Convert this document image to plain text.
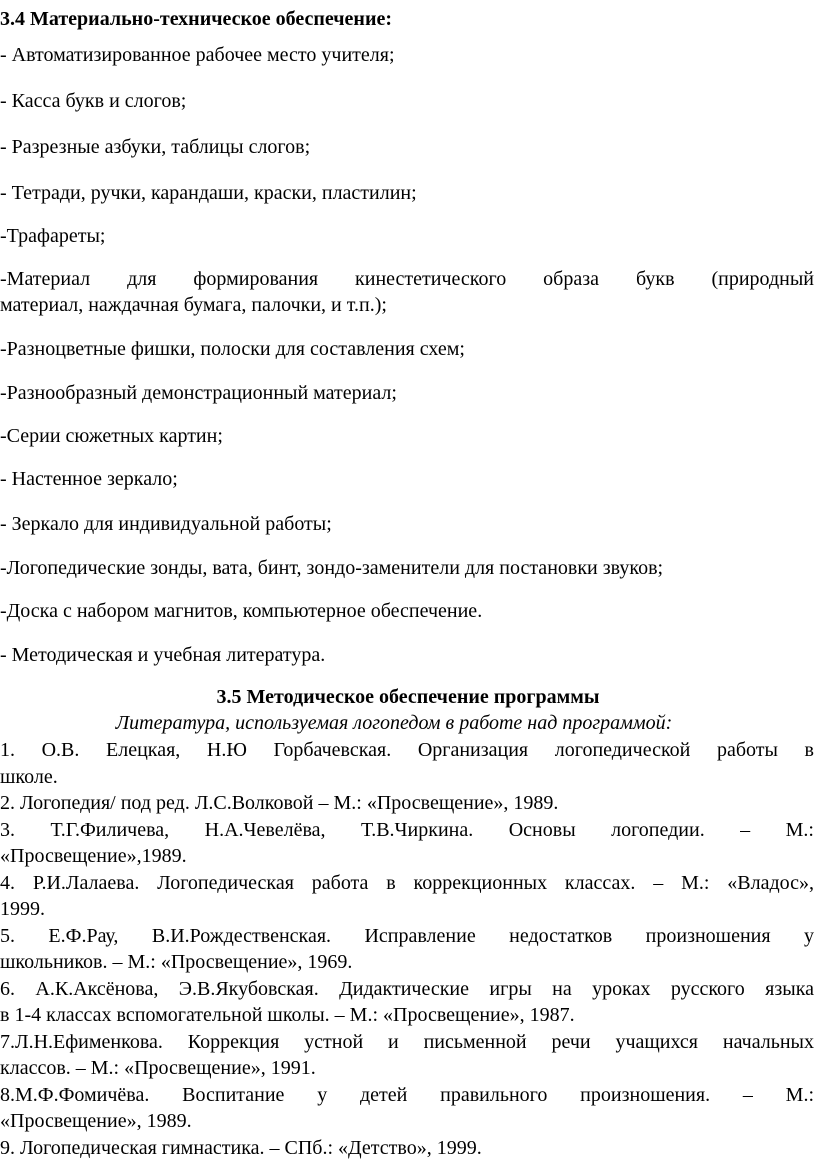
3.4 Материально-техническое обеспечение:
- Автоматизированное рабочее место учителя;
- Касса букв и слогов;
- Разрезные азбуки, таблицы слогов;
- Тетради, ручки, карандаши, краски, пластилин;
-Трафареты;
-Материал для формирования кинестетического образа букв (природный
материал, наждачная бумага, палочки, и т.п.);
-Разноцветные фишки, полоски для составления схем;
-Разнообразный демонстрационный материал;
-Серии сюжетных картин;
- Настенное зеркало;
- Зеркало для индивидуальной работы;
-Логопедические зонды, вата, бинт, зондо-заменители для постановки звуков;
-Доска с набором магнитов, компьютерное обеспечение.
- Методическая и учебная литература.
3.5 Методическое обеспечение программы
Литература, используемая логопедом в работе над программой:
1. О.В. Елецкая, Н.Ю Горбачевская. Организация логопедической работы в
школе.
2. Логопедия/ под ред. Л.С.Волковой – М.: «Просвещение», 1989.
3. Т.Г.Филичева, Н.А.Чевелёва, Т.В.Чиркина. Основы логопедии. – М.:
«Просвещение»,1989.
4. Р.И.Лалаева. Логопедическая работа в коррекционных классах. – М.: «Владос»,
1999.
5. Е.Ф.Рау, В.И.Рождественская. Исправление недостатков произношения у
школьников. – М.: «Просвещение», 1969.
6. А.К.Аксёнова, Э.В.Якубовская. Дидактические игры на уроках русского языка
в 1-4 классах вспомогательной школы. – М.: «Просвещение», 1987.
7.Л.Н.Ефименкова. Коррекция устной и письменной речи учащихся начальных
классов. – М.: «Просвещение», 1991.
8.М.Ф.Фомичёва. Воспитание у детей правильного произношения. – М.:
«Просвещение», 1989.
9. Логопедическая гимнастика. – СПб.: «Детство», 1999.
